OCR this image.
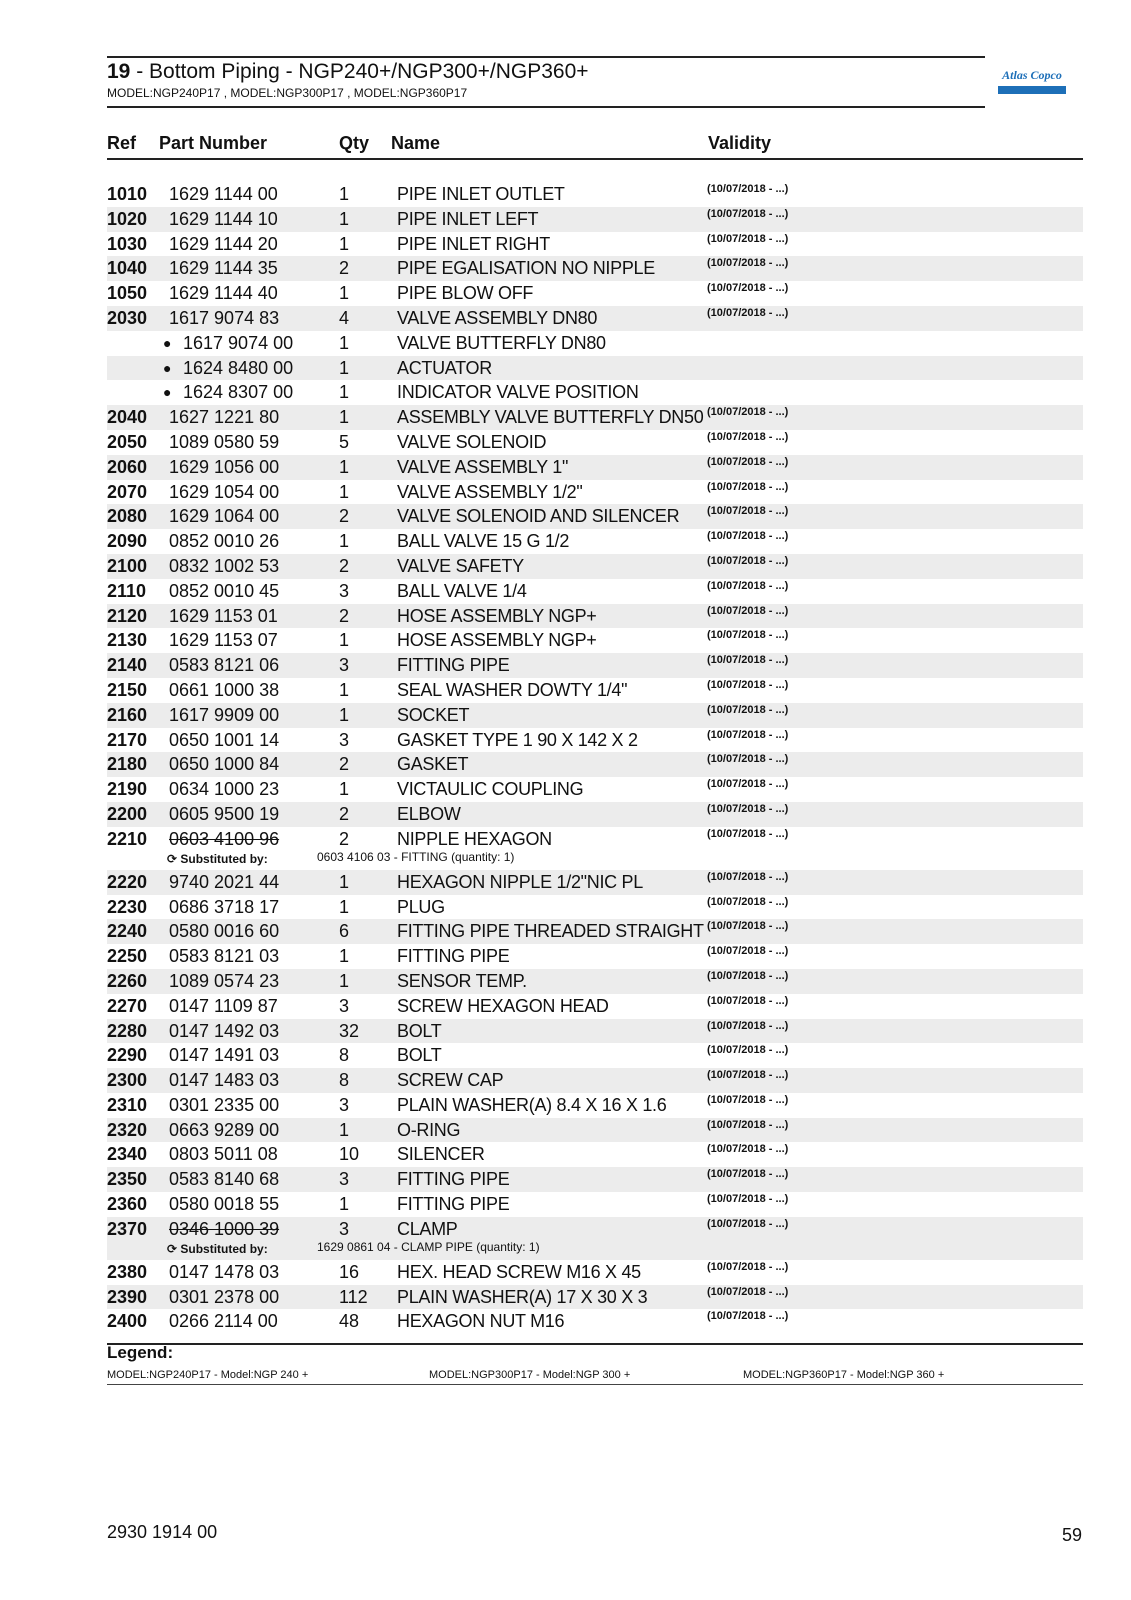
19 - Bottom Piping - NGP240+/NGP300+/NGP360+
MODEL:NGP240P17 , MODEL:NGP300P17 , MODEL:NGP360P17
Atlas Copco
Ref Part Number	Qty Name	Validity
1010 1629 1144 00	1	PIPE INLET OUTLET	(10/07/2018 - ...)
1020 1629 1144 10	1	PIPE INLET LEFT	(10/07/2018 - ...)
1030 1629 1144 20	1	PIPE INLET RIGHT	(10/07/2018 - ...)
1040 1629 1144 35	2	PIPE EGALISATION NO NIPPLE	(10/07/2018 - ...)
1050 1629 1144 40	1	PIPE BLOW OFF	(10/07/2018 - ...)
2030 1617 9074 83	4	VALVE ASSEMBLY DN80	(10/07/2018 - ...)
● 1617 9074 00	1	VALVE BUTTERFLY DN80
● 1624 8480 00	1	ACTUATOR
● 1624 8307 00	1	INDICATOR VALVE POSITION
2040 1627 1221 80	1	ASSEMBLY VALVE BUTTERFLY DN50 (10/07/2018 - ...)
2050 1089 0580 59	5	VALVE SOLENOID	(10/07/2018 - ...)
2060 1629 1056 00	1	VALVE ASSEMBLY 1"	(10/07/2018 - ...)
2070 1629 1054 00	1	VALVE ASSEMBLY 1/2"	(10/07/2018 - ...)
2080 1629 1064 00	2	VALVE SOLENOID AND SILENCER	(10/07/2018 - ...)
2090 0852 0010 26	1	BALL VALVE 15 G 1/2	(10/07/2018 - ...)
2100 0832 1002 53	2	VALVE SAFETY	(10/07/2018 - ...)
2110 0852 0010 45	3	BALL VALVE 1/4	(10/07/2018 - ...)
2120 1629 1153 01	2	HOSE ASSEMBLY NGP+	(10/07/2018 - ...)
2130 1629 1153 07	1	HOSE ASSEMBLY NGP+	(10/07/2018 - ...)
2140 0583 8121 06	3	FITTING PIPE	(10/07/2018 - ...)
2150 0661 1000 38	1	SEAL WASHER DOWTY 1/4"	(10/07/2018 - ...)
2160 1617 9909 00	1	SOCKET	(10/07/2018 - ...)
2170 0650 1001 14	3	GASKET TYPE 1 90 X 142 X 2	(10/07/2018 - ...)
2180 0650 1000 84	2	GASKET	(10/07/2018 - ...)
2190 0634 1000 23	1	VICTAULIC COUPLING	(10/07/2018 - ...)
2200 0605 9500 19	2	ELBOW	(10/07/2018 - ...)
2210 0603 4100 96	2	NIPPLE HEXAGON	(10/07/2018 - ...)
⟳ Substituted by:	0603 4106 03 - FITTING (quantity: 1)
2220 9740 2021 44	1	HEXAGON NIPPLE 1/2"NIC PL	(10/07/2018 - ...)
2230 0686 3718 17	1	PLUG	(10/07/2018 - ...)
2240 0580 0016 60	6	FITTING PIPE THREADED STRAIGHT (10/07/2018 - ...)
2250 0583 8121 03	1	FITTING PIPE	(10/07/2018 - ...)
2260 1089 0574 23	1	SENSOR TEMP.	(10/07/2018 - ...)
2270 0147 1109 87	3	SCREW HEXAGON HEAD	(10/07/2018 - ...)
2280 0147 1492 03	32	BOLT	(10/07/2018 - ...)
2290 0147 1491 03	8	BOLT	(10/07/2018 - ...)
2300 0147 1483 03	8	SCREW CAP	(10/07/2018 - ...)
2310 0301 2335 00	3	PLAIN WASHER(A) 8.4 X 16 X 1.6	(10/07/2018 - ...)
2320 0663 9289 00	1	O-RING	(10/07/2018 - ...)
2340 0803 5011 08	10	SILENCER	(10/07/2018 - ...)
2350 0583 8140 68	3	FITTING PIPE	(10/07/2018 - ...)
2360 0580 0018 55	1	FITTING PIPE	(10/07/2018 - ...)
2370 0346 1000 39	3	CLAMP	(10/07/2018 - ...)
⟳ Substituted by:	1629 0861 04 - CLAMP PIPE (quantity: 1)
2380 0147 1478 03	16	HEX. HEAD SCREW M16 X 45	(10/07/2018 - ...)
2390 0301 2378 00	112	PLAIN WASHER(A) 17 X 30 X 3	(10/07/2018 - ...)
2400 0266 2114 00	48	HEXAGON NUT M16	(10/07/2018 - ...)
Legend:
MODEL:NGP240P17 - Model:NGP 240 +	MODEL:NGP300P17 - Model:NGP 300 +	MODEL:NGP360P17 - Model:NGP 360 +
2930 1914 00	59
